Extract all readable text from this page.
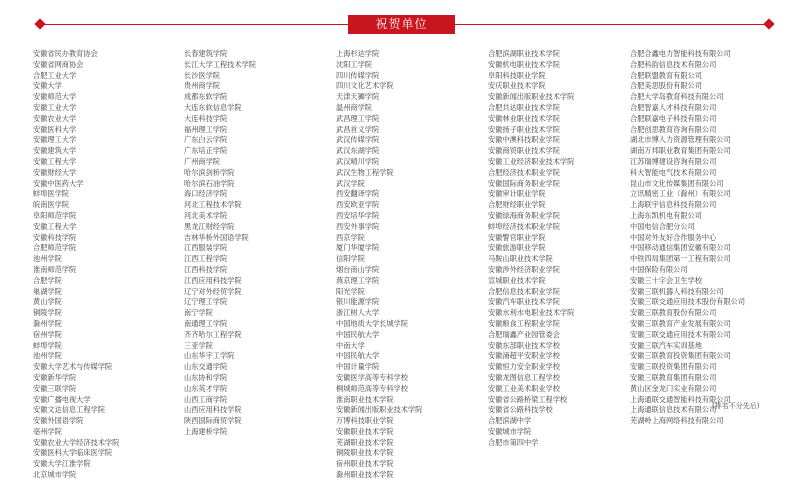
祝贺单位
安徽省民办教育协会
安徽省网商协会
合肥工业大学
安徽大学
安徽师范大学
安徽工业大学
安徽农业大学
安徽医科大学
安徽理工大学
安徽建筑大学
安徽工程大学
安徽财经大学
安徽中医药大学
蚌埠医学院
皖南医学院
阜阳师范学院
安徽工程大学
安徽科技学院
合肥师范学院
池州学院
淮南师范学院
合肥学院
巢湖学院
黄山学院
铜陵学院
滁州学院
宿州学院
蚌埠学院
池州学院
安徽大学艺术与传媒学院
安徽新华学院
安徽三联学院
安徽广播电视大学
安徽文达信息工程学院
安徽外国语学院
亳州学院
安徽农业大学经济技术学院
安徽医科大学临床医学院
安徽大学江淮学院
北京城市学院
长春建筑学院
长江大学工程技术学院
长沙医学院
贵州商学院
成都东软学院
大连东软信息学院
大连科技学院
福州理工学院
广东白云学院
广东培正学院
广州商学院
哈尔滨剑桥学院
哈尔滨石油学院
海口经济学院
河北工程技术学院
河北美术学院
黑龙江财经学院
吉林华桥外国语学院
江西服装学院
江西工程学院
江西科技学院
江西应用科技学院
辽宁对外经贸学院
辽宁理工学院
南宁学院
南通理工学院
齐齐哈尔工程学院
三亚学院
山东华宇工学院
山东交通学院
山东协和学院
山东英才学院
山西工商学院
山西应用科技学院
陕西国际商贸学院
上海建桥学院
上海杉达学院
沈阳工学院
四川传媒学院
四川文化艺术学院
天津天狮学院
温州商学院
武昌理工学院
武昌首义学院
武汉传媒学院
武汉东湖学院
武汉晴川学院
武汉生物工程学院
武汉学院
西安翻译学院
西安欧亚学院
西安培华学院
西安外事学院
西京学院
厦门华厦学院
信阳学院
烟台南山学院
燕京理工学院
阳光学院
银川能源学院
浙江树人大学
中国地质大学长城学院
中国民航大学
中南大学
中国民航大学
中国计量学院
安徽医学高等专科学校
桐城师范高等专科学校
淮南职业技术学院
安徽新闻出版职业技术学院
万博科技职业学院
安徽职业技术学院
芜湖职业技术学院
铜陵职业技术学院
宿州职业技术学院
滁州职业技术学院
合肥滨湖职业技术学院
安徽机电职业技术学院
阜阳科技职业学院
安庆职业技术学院
安徽新闻出版职业技术学院
合肥共达职业技术学院
安徽林业职业技术学院
安徽扬子职业技术学院
安徽中澳科技职业学院
安徽商贸职业技术学院
安徽工业经济职业技术学院
合肥经济技术职业学院
安徽国际商务职业学院
安徽审计职业学院
合肥财经职业学院
安徽绿海商务职业学院
蚌埠经济技术职业学院
安徽警官职业学院
安徽旅游职业学院
马鞍山职业技术学院
安徽涉外经济职业学院
宣城职业技术学院
合肥信息技术职业学院
安徽汽车职业技术学院
安徽水利水电职业技术学院
安徽粮食工程职业学院
合肥瑞鑫产业园管委会
安徽东部职业技术学校
安徽涌超平安职业学校
安徽恒力安全职业学校
安徽龙图信息工程学校
安徽工业美术职业学校
安徽省公路桥梁工程学校
安徽省公路科技学校
合肥滨湖中学
安徽城市学院
合肥市第四中学
合肥合鑫电力智能科技有限公司
合肥科韵信息技术有限公司
合肥联盟教育有限公司
合肥美思股份有限公司
合肥大学岛教育科技有限公司
合肥智嘉人才科技有限公司
合肥联嘉电子科技有限公司
合肥创思教育咨询有限公司
湖北市博人力资源管理有限公司
湖南万邦职业教育集团有限公司
江苏瑞博建设咨询有限公司
科大智能电气技术有限公司
昆山市文化传媒集团有限公司
立讯精密工业（滁州）有限公司
上海联宇信息科技有限公司
上海东凯机电有限公司
中国电信合肥分公司
中国对外友好合作服务中心
中国移动通信集团安徽有限公司
中铁四局集团第一工程有限公司
中国保险有限公司
安徽三十字会卫生学校
安徽三联机器人科技有限公司
安徽三联交通应用技术股份有限公司
安徽三联教育股份有限公司
安徽三联教育产业发展有限公司
安徽三联交通应用技术有限公司
安徽三联汽车实训基地
安徽三联教育投资集团有限公司
安徽三联投资集团有限公司
安徽三联教育集团有限公司
黄山区金龙门实业有限公司
上海通联交通智能科技有限公司
上海通联信息技术有限公司
芜湖岭上海网络科技有限公司
(排名不分先后)
